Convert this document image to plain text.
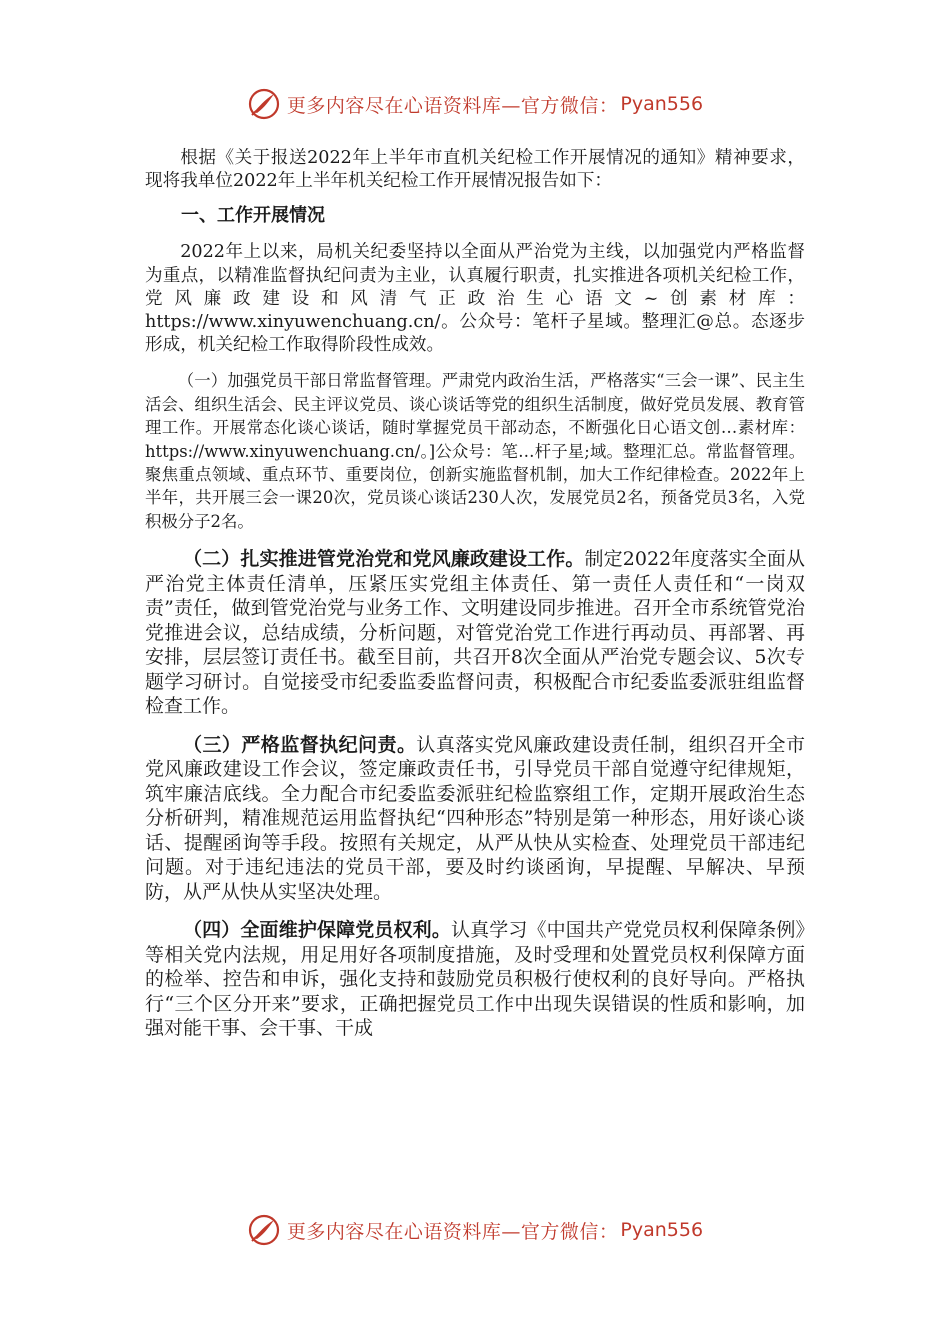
更多内容尽在心语资料库—官方微信： Pyan556

根据《关于报送2022年上半年市直机关纪检工作开展情况的通知》精神要求，现将我单位2022年上半年机关纪检工作开展情况报告如下：

一、工作开展情况

2022年上以来，局机关纪委坚持以全面从严治党为主线，以加强党内严格监督为重点，以精准监督执纪问责为主业，认真履行职责，扎实推进各项机关纪检工作，党风廉政建设和风清气正政治生心语文~创素材库：https://www.xinyuwenchuang.cn/。公众号：笔杆子星域。整理汇@总。态逐步形成，机关纪检工作取得阶段性成效。

（一）加强党员干部日常监督管理。严肃党内政治生活，严格落实“三会一课”、民主生活会、组织生活会、民主评议党员、谈心谈话等党的组织生活制度，做好党员发展、教育管理工作。开展常态化谈心谈话，随时掌握党员干部动态，不断强化日心语文创…素材库：https://www.xinyuwenchuang.cn/。]公众号：笔…杆子星;域。整理汇总。常监督管理。聚焦重点领域、重点环节、重要岗位，创新实施监督机制，加大工作纪律检查。2022年上半年，共开展三会一课20次，党员谈心谈话230人次，发展党员2名，预备党员3名，入党积极分子2名。

（二）扎实推进管党治党和党风廉政建设工作。制定2022年度落实全面从严治党主体责任清单，压紧压实党组主体责任、第一责任人责任和“一岗双责”责任，做到管党治党与业务工作、文明建设同步推进。召开全市系统管党治党推进会议，总结成绩，分析问题，对管党治党工作进行再动员、再部署、再安排，层层签订责任书。截至目前，共召开8次全面从严治党专题会议、5次专题学习研讨。自觉接受市纪委监委监督问责，积极配合市纪委监委派驻组监督检查工作。

（三）严格监督执纪问责。认真落实党风廉政建设责任制，组织召开全市党风廉政建设工作会议，签定廉政责任书，引导党员干部自觉遵守纪律规矩，筑牢廉洁底线。全力配合市纪委监委派驻纪检监察组工作，定期开展政治生态分析研判，精准规范运用监督执纪“四种形态”特别是第一种形态，用好谈心谈话、提醒函询等手段。按照有关规定，从严从快从实检查、处理党员干部违纪问题。对于违纪违法的党员干部，要及时约谈函询，早提醒、早解决、早预防，从严从快从实坚决处理。

（四）全面维护保障党员权利。认真学习《中国共产党党员权利保障条例》等相关党内法规，用足用好各项制度措施，及时受理和处置党员权利保障方面的检举、控告和申诉，强化支持和鼓励党员积极行使权利的良好导向。严格执行“三个区分开来”要求，正确把握党员工作中出现失误错误的性质和影响，加强对能干事、会干事、干成

更多内容尽在心语资料库—官方微信： Pyan556
